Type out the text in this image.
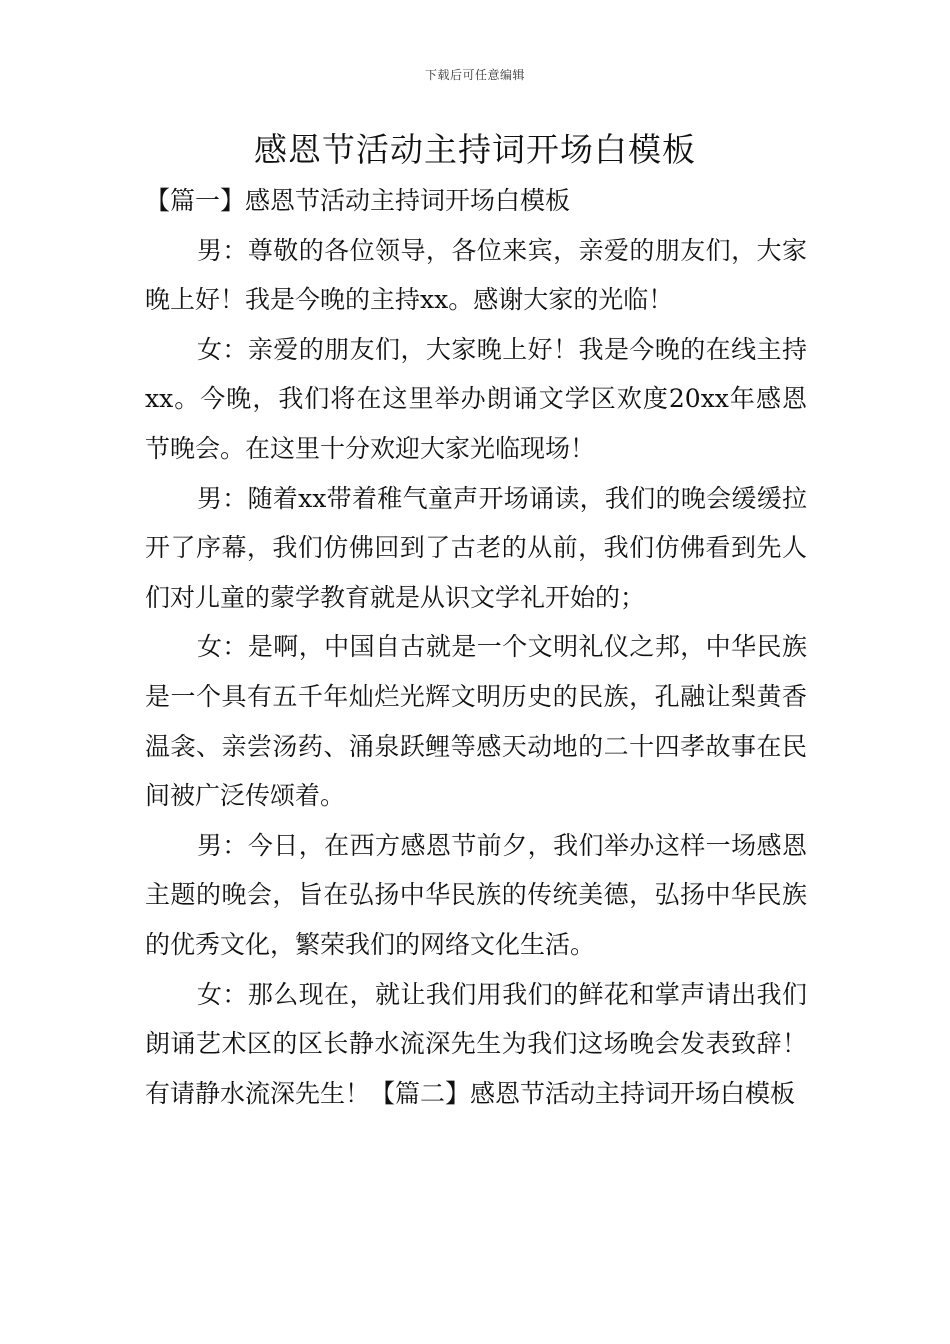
下载后可任意编辑
感恩节活动主持词开场白模板

【篇一】感恩节活动主持词开场白模板

男：尊敬的各位领导，各位来宾，亲爱的朋友们，大家晚上好！我是今晚的主持xx。感谢大家的光临！

女：亲爱的朋友们，大家晚上好！我是今晚的在线主持xx。今晚，我们将在这里举办朗诵文学区欢度20xx年感恩节晚会。在这里十分欢迎大家光临现场！

男：随着xx带着稚气童声开场诵读，我们的晚会缓缓拉开了序幕，我们仿佛回到了古老的从前，我们仿佛看到先人们对儿童的蒙学教育就是从识文学礼开始的；

女：是啊，中国自古就是一个文明礼仪之邦，中华民族是一个具有五千年灿烂光辉文明历史的民族，孔融让梨黄香温衾、亲尝汤药、涌泉跃鲤等感天动地的二十四孝故事在民间被广泛传颂着。

男：今日，在西方感恩节前夕，我们举办这样一场感恩主题的晚会，旨在弘扬中华民族的传统美德，弘扬中华民族的优秀文化，繁荣我们的网络文化生活。

女：那么现在，就让我们用我们的鲜花和掌声请出我们朗诵艺术区的区长静水流深先生为我们这场晚会发表致辞！有请静水流深先生！【篇二】感恩节活动主持词开场白模板
